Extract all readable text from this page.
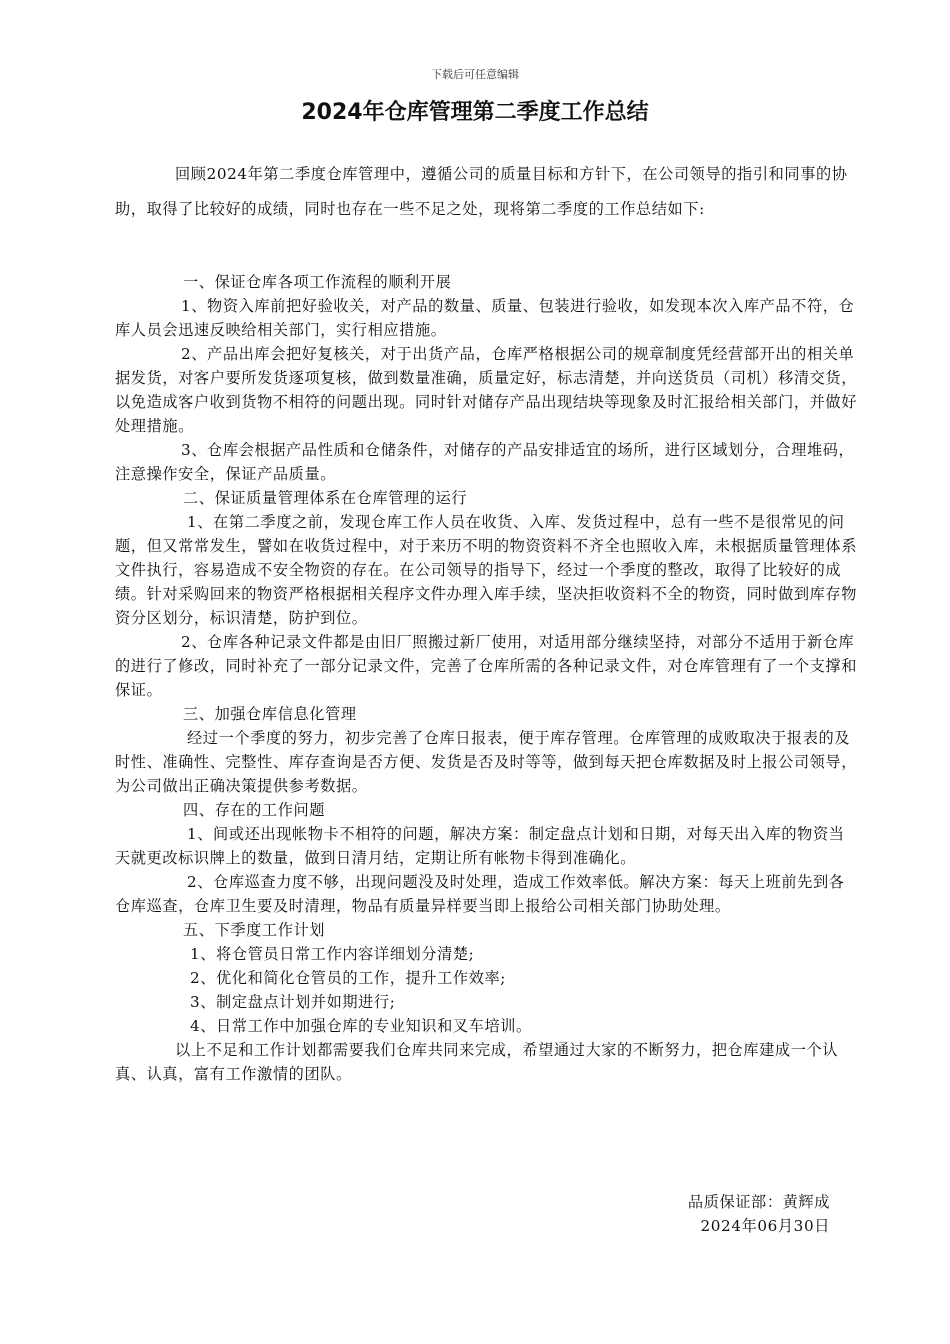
下载后可任意编辑
2024年仓库管理第二季度工作总结

回顾2024年第二季度仓库管理中，遵循公司的质量目标和方针下，在公司领导的指引和同事的协助，取得了比较好的成绩，同时也存在一些不足之处，现将第二季度的工作总结如下:

一、保证仓库各项工作流程的顺利开展

1、物资入库前把好验收关，对产品的数量、质量、包装进行验收，如发现本次入库产品不符，仓库人员会迅速反映给相关部门，实行相应措施。

2、产品出库会把好复核关，对于出货产品，仓库严格根据公司的规章制度凭经营部开出的相关单据发货，对客户要所发货逐项复核，做到数量准确，质量定好，标志清楚，并向送货员（司机）移清交货，以免造成客户收到货物不相符的问题出现。同时针对储存产品出现结块等现象及时汇报给相关部门，并做好处理措施。

3、仓库会根据产品性质和仓储条件，对储存的产品安排适宜的场所，进行区域划分，合理堆码，注意操作安全，保证产品质量。

二、保证质量管理体系在仓库管理的运行

1、在第二季度之前，发现仓库工作人员在收货、入库、发货过程中，总有一些不是很常见的问题，但又常常发生，譬如在收货过程中，对于来历不明的物资资料不齐全也照收入库，未根据质量管理体系文件执行，容易造成不安全物资的存在。在公司领导的指导下，经过一个季度的整改，取得了比较好的成绩。针对采购回来的物资严格根据相关程序文件办理入库手续，坚决拒收资料不全的物资，同时做到库存物资分区划分，标识清楚，防护到位。

2、仓库各种记录文件都是由旧厂照搬过新厂使用，对适用部分继续坚持，对部分不适用于新仓库的进行了修改，同时补充了一部分记录文件，完善了仓库所需的各种记录文件，对仓库管理有了一个支撑和保证。

三、加强仓库信息化管理

经过一个季度的努力，初步完善了仓库日报表，便于库存管理。仓库管理的成败取决于报表的及时性、准确性、完整性、库存查询是否方便、发货是否及时等等，做到每天把仓库数据及时上报公司领导，为公司做出正确决策提供参考数据。

四、存在的工作问题

1、间或还出现帐物卡不相符的问题，解决方案：制定盘点计划和日期，对每天出入库的物资当天就更改标识牌上的数量，做到日清月结，定期让所有帐物卡得到准确化。

2、仓库巡查力度不够，出现问题没及时处理，造成工作效率低。解决方案：每天上班前先到各仓库巡查，仓库卫生要及时清理，物品有质量异样要当即上报给公司相关部门协助处理。

五、下季度工作计划

1、将仓管员日常工作内容详细划分清楚;

2、优化和简化仓管员的工作，提升工作效率;

3、制定盘点计划并如期进行;

4、日常工作中加强仓库的专业知识和叉车培训。

以上不足和工作计划都需要我们仓库共同来完成，希望通过大家的不断努力，把仓库建成一个认真、认真，富有工作激情的团队。

品质保证部：黄辉成
2024年06月30日
